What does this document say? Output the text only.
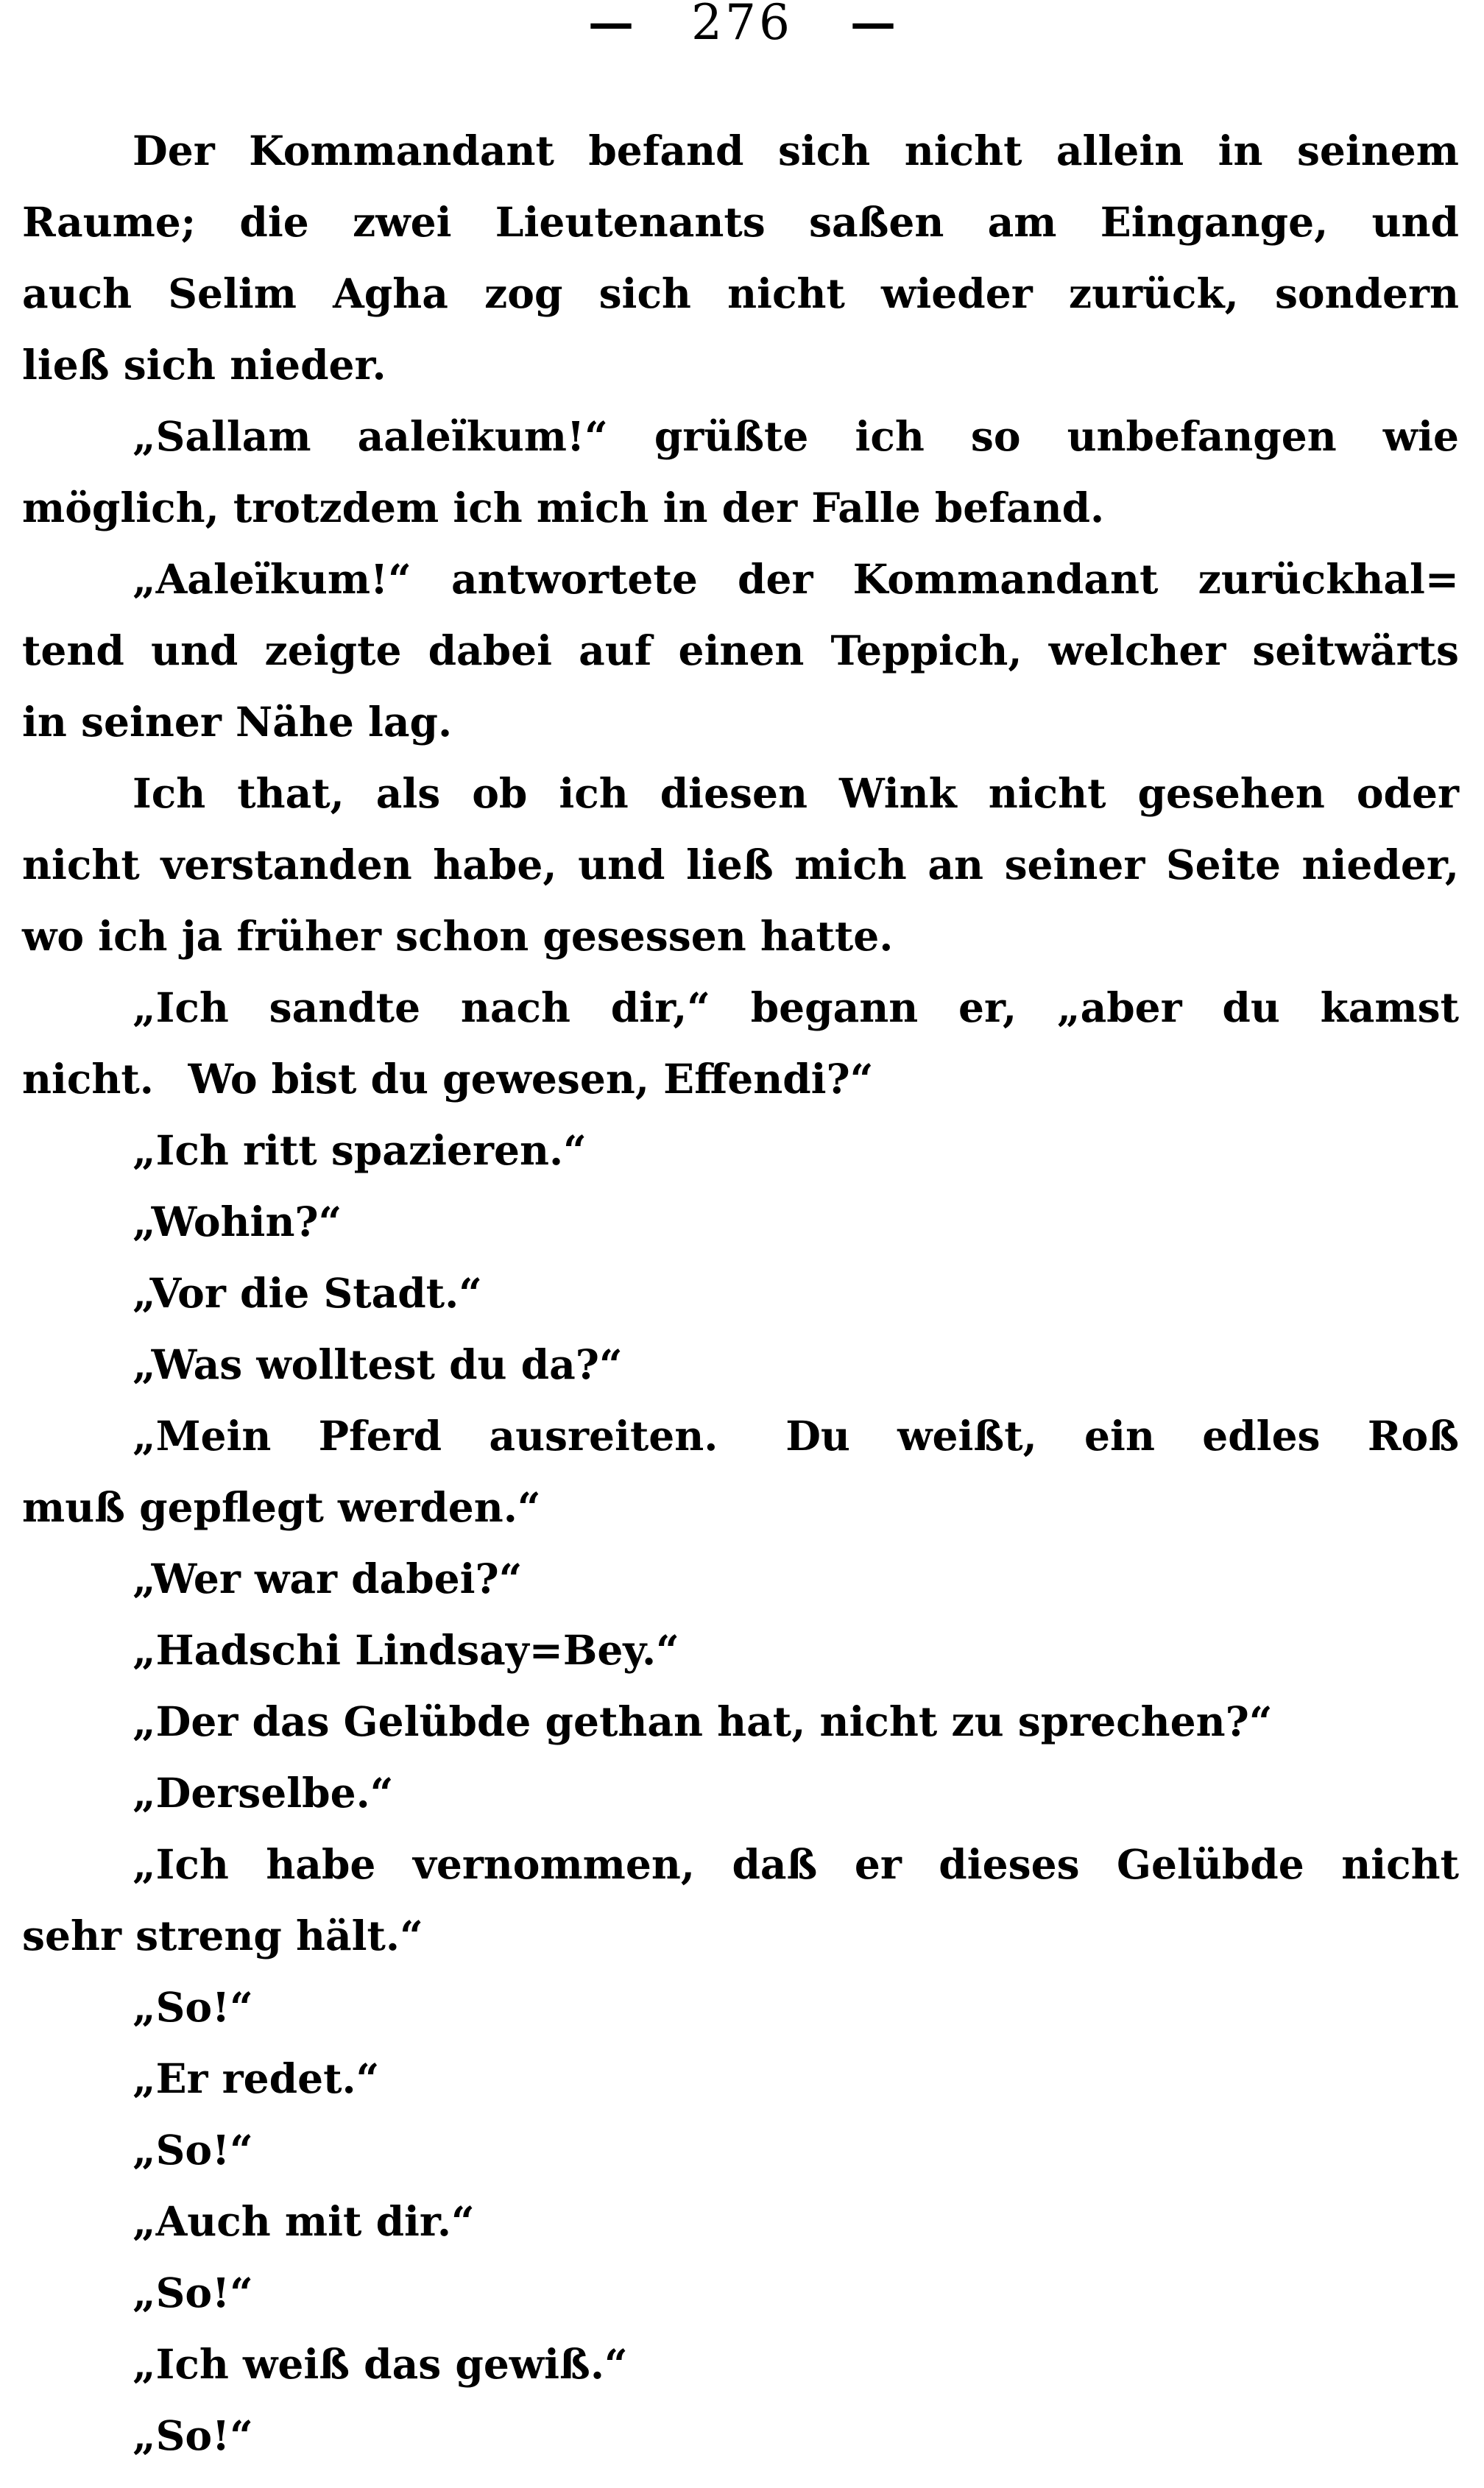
— 276 —
Der Kommandant befand sich nicht allein in seinem
Raume; die zwei Lieutenants saßen am Eingange, und
auch Selim Agha zog sich nicht wieder zurück, sondern
ließ sich nieder.
„Sallam aaleïkum!“ grüßte ich so unbefangen wie
möglich, trotzdem ich mich in der Falle befand.
„Aaleïkum!“ antwortete der Kommandant zurückhal=
tend und zeigte dabei auf einen Teppich, welcher seitwärts
in seiner Nähe lag.
Ich that, als ob ich diesen Wink nicht gesehen oder
nicht verstanden habe, und ließ mich an seiner Seite nieder,
wo ich ja früher schon gesessen hatte.
„Ich sandte nach dir,“ begann er, „aber du kamst
nicht.  Wo bist du gewesen, Effendi?“
„Ich ritt spazieren.“
„Wohin?“
„Vor die Stadt.“
„Was wolltest du da?“
„Mein Pferd ausreiten.  Du weißt, ein edles Roß
muß gepflegt werden.“
„Wer war dabei?“
„Hadschi Lindsay=Bey.“
„Der das Gelübde gethan hat, nicht zu sprechen?“
„Derselbe.“
„Ich habe vernommen, daß er dieses Gelübde nicht
sehr streng hält.“
„So!“
„Er redet.“
„So!“
„Auch mit dir.“
„So!“
„Ich weiß das gewiß.“
„So!“
